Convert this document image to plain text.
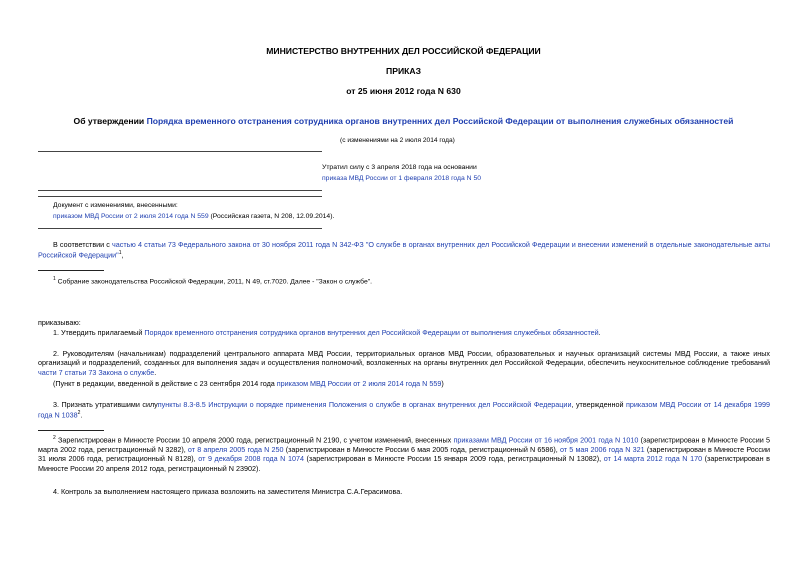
МИНИСТЕРСТВО ВНУТРЕННИХ ДЕЛ РОССИЙСКОЙ ФЕДЕРАЦИИ
ПРИКАЗ
от 25 июня 2012 года N 630
Об утверждении Порядка временного отстранения сотрудника органов внутренних дел Российской Федерации от выполнения служебных обязанностей
(с изменениями на 2 июля 2014 года)
Утратил силу с 3 апреля 2018 года на основании
приказа МВД России от 1 февраля 2018 года N 50
Документ с изменениями, внесенными:
приказом МВД России от 2 июля 2014 года N 559 (Российская газета, N 208, 12.09.2014).
В соответствии с частью 4 статьи 73 Федерального закона от 30 ноября 2011 года N 342-ФЗ "О службе в органах внутренних дел Российской Федерации и внесении изменений в отдельные законодательные акты Российской Федерации"$^1$,
$^1$ Собрание законодательства Российской Федерации, 2011, N 49, ст.7020. Далее - "Закон о службе".
приказываю:
1. Утвердить прилагаемый Порядок временного отстранения сотрудника органов внутренних дел Российской Федерации от выполнения служебных обязанностей.
2. Руководителям (начальникам) подразделений центрального аппарата МВД России, территориальных органов МВД России, образовательных и научных организаций системы МВД России, а также иных организаций и подразделений, созданных для выполнения задач и осуществления полномочий, возложенных на органы внутренних дел Российской Федерации, обеспечить неукоснительное соблюдение требований части 7 статьи 73 Закона о службе.
(Пункт в редакции, введенной в действие с 23 сентября 2014 года приказом МВД России от 2 июля 2014 года N 559)
3. Признать утратившими силупункты 8.3-8.5 Инструкции о порядке применения Положения о службе в органах внутренних дел Российской Федерации, утвержденной приказом МВД России от 14 декабря 1999 года N 1038$^2$.
$^2$ Зарегистрирован в Минюсте России 10 апреля 2000 года, регистрационный N 2190, с учетом изменений, внесенных приказами МВД России от 16 ноября 2001 года N 1010 (зарегистрирован в Минюсте России 5 марта 2002 года, регистрационный N 3282), от 8 апреля 2005 года N 250 (зарегистрирован в Минюсте России 6 мая 2005 года, регистрационный N 6586), от 5 мая 2006 года N 321 (зарегистрирован в Минюсте России 31 июля 2006 года, регистрационный N 8128), от 9 декабря 2008 года N 1074 (зарегистрирован в Минюсте России 15 января 2009 года, регистрационный N 13082), от 14 марта 2012 года N 170 (зарегистрирован в Минюсте России 20 апреля 2012 года, регистрационный N 23902).
4. Контроль за выполнением настоящего приказа возложить на заместителя Министра С.А.Герасимова.
